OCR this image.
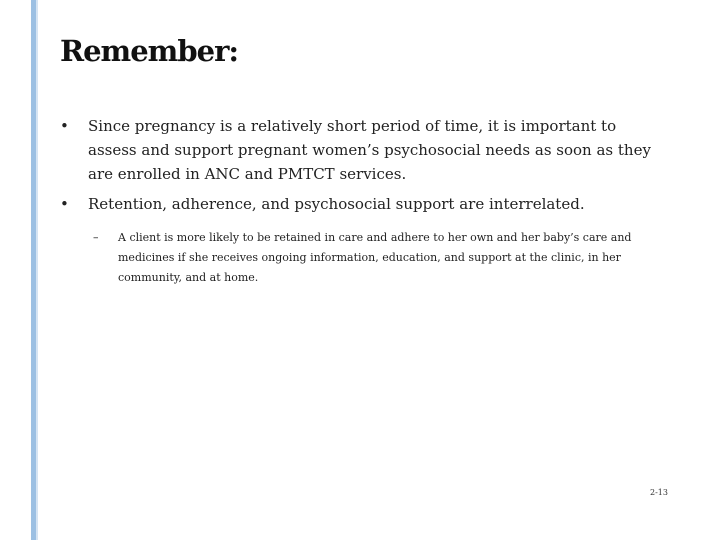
Remember:
• Since pregnancy is a relatively short period of time, it is important to assess and support pregnant women’s psychosocial needs as soon as they are enrolled in ANC and PMTCT services.
• Retention, adherence, and psychosocial support are interrelated.
– A client is more likely to be retained in care and adhere to her own and her baby’s care and medicines if she receives ongoing information, education, and support at the clinic, in her community, and at home.
2-13
